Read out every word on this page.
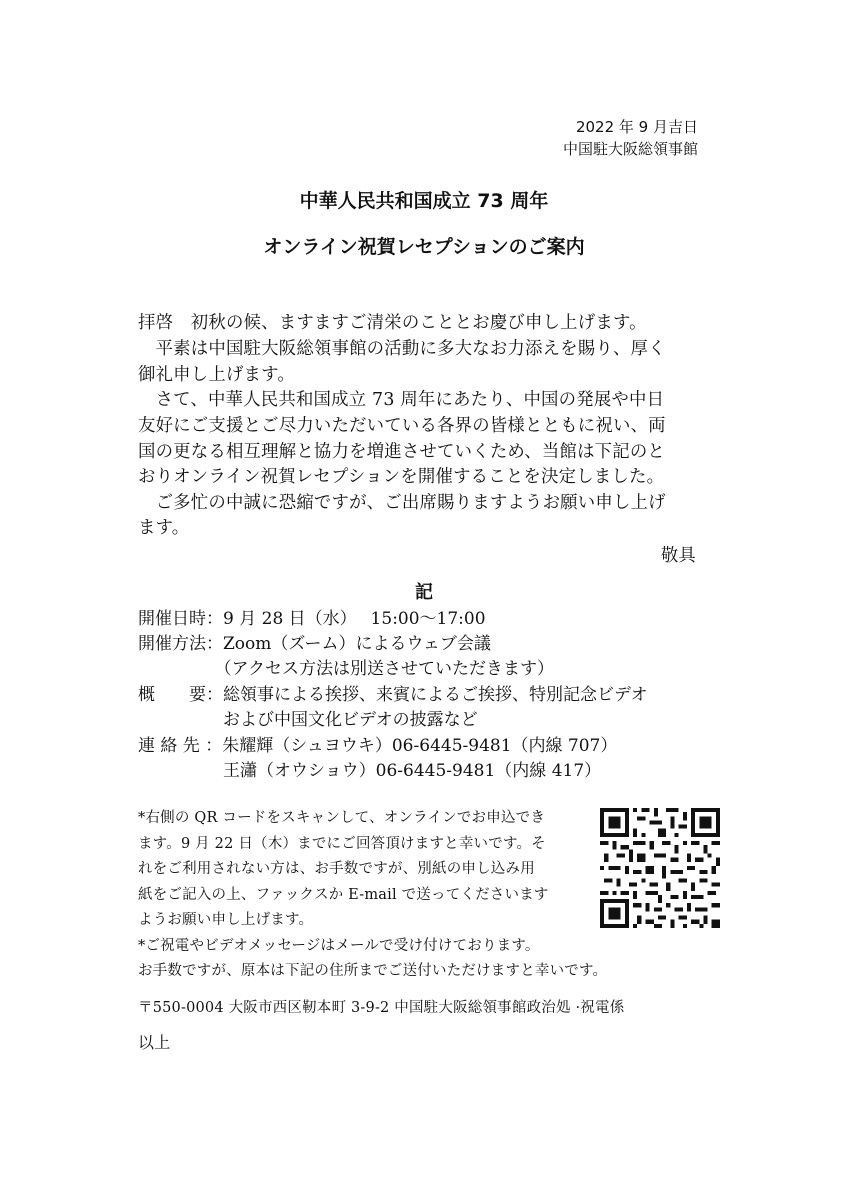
2022 年 9 月吉日
中国駐大阪総領事館
中華人民共和国成立 73 周年
オンライン祝賀レセプションのご案内
拝啓　初秋の候、ますますご清栄のこととお慶び申し上げます。
　平素は中国駐大阪総領事館の活動に多大なお力添えを賜り、厚く
御礼申し上げます。
　さて、中華人民共和国成立 73 周年にあたり、中国の発展や中日
友好にご支援とご尽力いただいている各界の皆様とともに祝い、両
国の更なる相互理解と協力を増進させていくため、当館は下記のと
おりオンライン祝賀レセプションを開催することを決定しました。
　ご多忙の中誠に恐縮ですが、ご出席賜りますようお願い申し上げ
ます。
敬具
記
開催日時：9 月 28 日（水）　 15:00～17:00
開催方法：Zoom（ズーム）によるウェブ会議
　　　　　（アクセス方法は別送させていただきます）
概　　要：総領事による挨拶、来賓によるご挨拶、特別記念ビデオ
　　　　　および中国文化ビデオの披露など
連 絡 先 ：朱耀輝（シュヨウキ）06-6445-9481（内線 707）
　　　　　王瀟（オウショウ）06-6445-9481（内線 417）
*右側の QR コードをスキャンして、オンラインでお申込でき
ます。9 月 22 日（木）までにご回答頂けますと幸いです。そ
れをご利用されない方は、お手数ですが、別紙の申し込み用
紙をご記入の上、ファックスか E-mail で送ってくださいます
ようお願い申し上げます。
*ご祝電やビデオメッセージはメールで受け付けております。
お手数ですが、原本は下記の住所までご送付いただけますと幸いです。
〒550-0004 大阪市西区靭本町 3-9-2 中国駐大阪総領事館政治処 ·祝電係
以上
